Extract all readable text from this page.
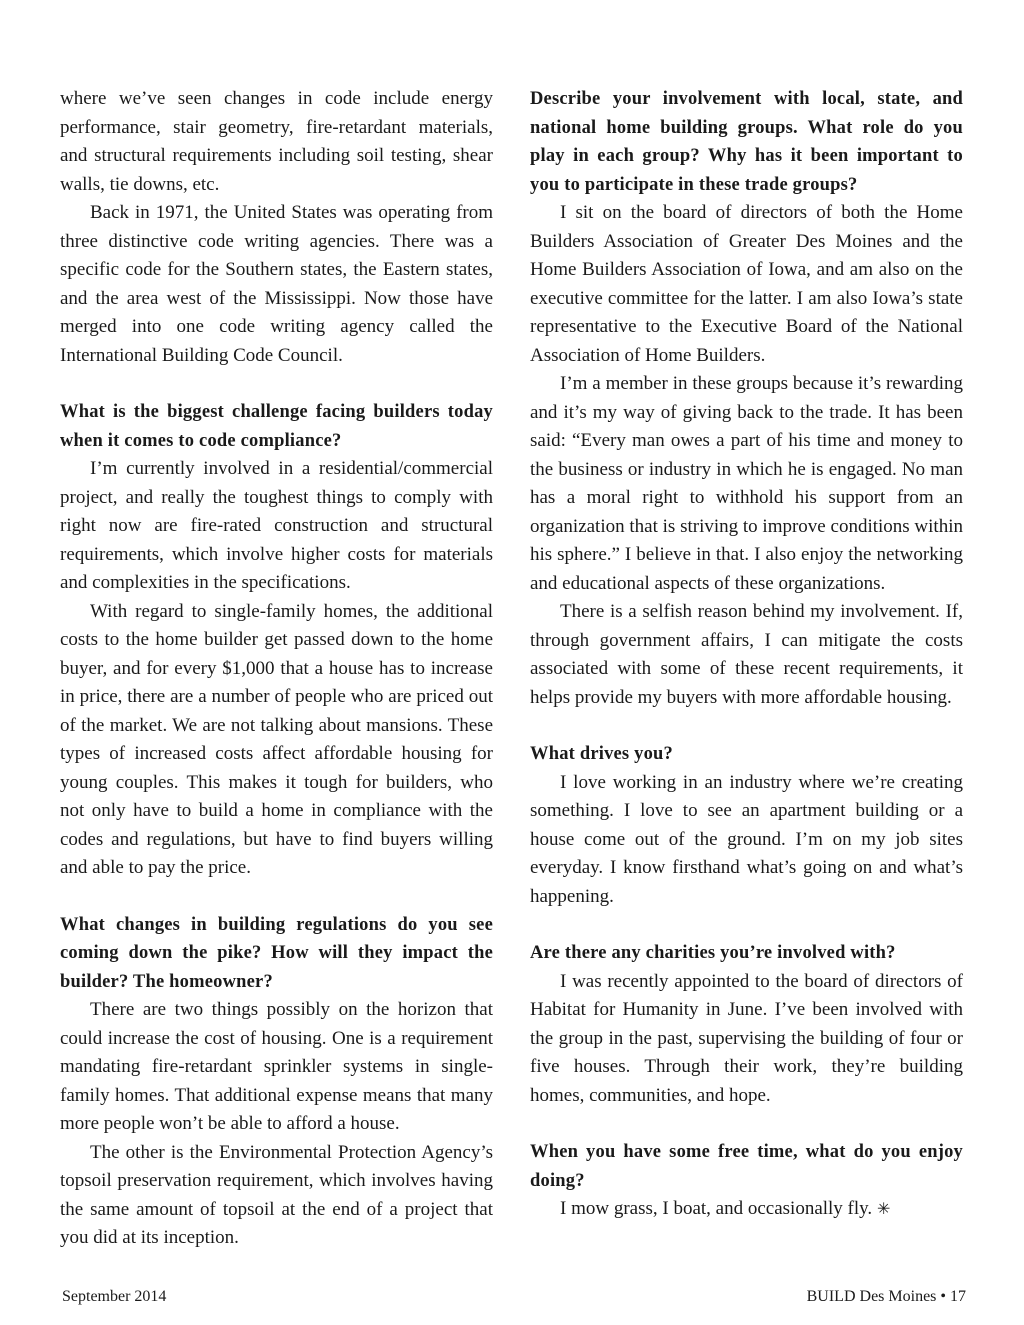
where we’ve seen changes in code include energy performance, stair geometry, fire-retardant materials, and structural requirements including soil testing, shear walls, tie downs, etc.

Back in 1971, the United States was operating from three distinctive code writing agencies. There was a specific code for the Southern states, the Eastern states, and the area west of the Mississippi. Now those have merged into one code writing agency called the International Building Code Council.

What is the biggest challenge facing builders today when it comes to code compliance?

I’m currently involved in a residential/commercial project, and really the toughest things to comply with right now are fire-rated construction and structural requirements, which involve higher costs for materials and complexities in the specifications.

With regard to single-family homes, the additional costs to the home builder get passed down to the home buyer, and for every $1,000 that a house has to increase in price, there are a number of people who are priced out of the market. We are not talking about mansions. These types of increased costs affect affordable housing for young couples. This makes it tough for builders, who not only have to build a home in compliance with the codes and regulations, but have to find buyers willing and able to pay the price.

What changes in building regulations do you see coming down the pike? How will they impact the builder? The homeowner?

There are two things possibly on the horizon that could increase the cost of housing. One is a requirement mandating fire-retardant sprinkler systems in single-family homes. That additional expense means that many more people won’t be able to afford a house.

The other is the Environmental Protection Agency’s topsoil preservation requirement, which involves having the same amount of topsoil at the end of a project that you did at its inception.

Describe your involvement with local, state, and national home building groups. What role do you play in each group? Why has it been important to you to participate in these trade groups?

I sit on the board of directors of both the Home Builders Association of Greater Des Moines and the Home Builders Association of Iowa, and am also on the executive committee for the latter. I am also Iowa’s state representative to the Executive Board of the National Association of Home Builders.

I’m a member in these groups because it’s rewarding and it’s my way of giving back to the trade. It has been said: “Every man owes a part of his time and money to the business or industry in which he is engaged. No man has a moral right to withhold his support from an organization that is striving to improve conditions within his sphere.” I believe in that. I also enjoy the networking and educational aspects of these organizations.

There is a selfish reason behind my involvement. If, through government affairs, I can mitigate the costs associated with some of these recent requirements, it helps provide my buyers with more affordable housing.

What drives you?

I love working in an industry where we’re creating something. I love to see an apartment building or a house come out of the ground. I’m on my job sites everyday. I know firsthand what’s going on and what’s happening.

Are there any charities you’re involved with?

I was recently appointed to the board of directors of Habitat for Humanity in June. I’ve been involved with the group in the past, supervising the building of four or five houses. Through their work, they’re building homes, communities, and hope.

When you have some free time, what do you enjoy doing?

I mow grass, I boat, and occasionally fly. ✳

September 2014	BUILD Des Moines • 17
